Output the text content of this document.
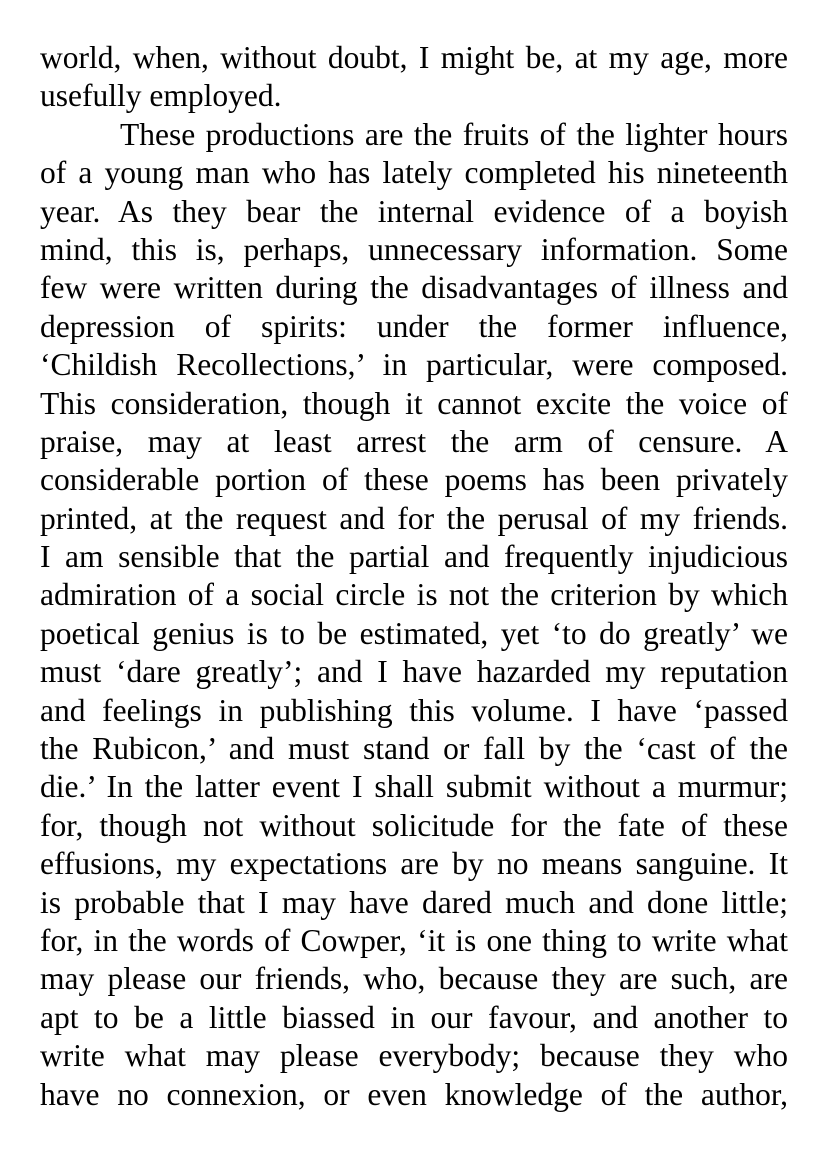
world, when, without doubt, I might be, at my age, more
usefully employed.
These productions are the fruits of the lighter hours
of a young man who has lately completed his nineteenth
year. As they bear the internal evidence of a boyish
mind, this is, perhaps, unnecessary information. Some
few were written during the disadvantages of illness and
depression of spirits: under the former influence,
‘Childish Recollections,’ in particular, were composed.
This consideration, though it cannot excite the voice of
praise, may at least arrest the arm of censure. A
considerable portion of these poems has been privately
printed, at the request and for the perusal of my friends.
I am sensible that the partial and frequently injudicious
admiration of a social circle is not the criterion by which
poetical genius is to be estimated, yet ‘to do greatly’ we
must ‘dare greatly’; and I have hazarded my reputation
and feelings in publishing this volume. I have ‘passed
the Rubicon,’ and must stand or fall by the ‘cast of the
die.’ In the latter event I shall submit without a murmur;
for, though not without solicitude for the fate of these
effusions, my expectations are by no means sanguine. It
is probable that I may have dared much and done little;
for, in the words of Cowper, ‘it is one thing to write what
may please our friends, who, because they are such, are
apt to be a little biassed in our favour, and another to
write what may please everybody; because they who
have no connexion, or even knowledge of the author,
